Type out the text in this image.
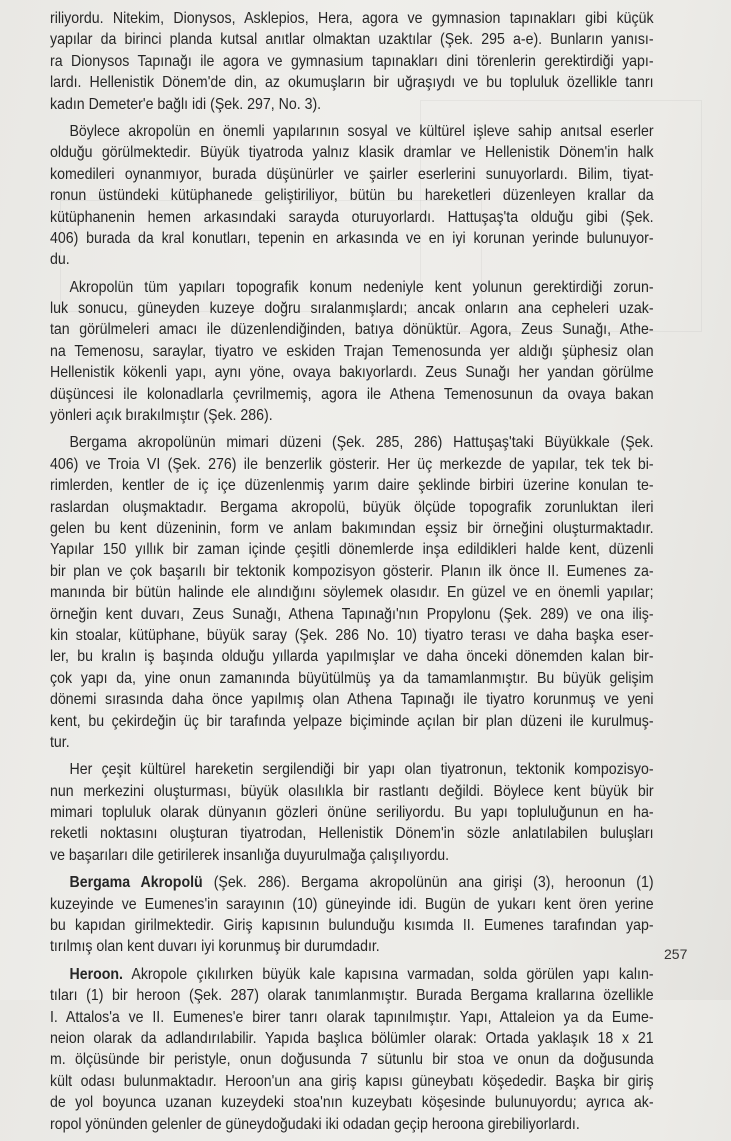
riliyordu. Nitekim, Dionysos, Asklepios, Hera, agora ve gymnasion tapınakları gibi küçük
yapılar da birinci planda kutsal anıtlar olmaktan uzaktılar (Şek. 295 a-e). Bunların yanısı-
ra Dionysos Tapınağı ile agora ve gymnasium tapınakları dini törenlerin gerektirdiği yapı-
lardı. Hellenistik Dönem'de din, az okumuşların bir uğraşıydı ve bu topluluk özellikle tanrı
kadın Demeter'e bağlı idi (Şek. 297, No. 3).
Böylece akropolün en önemli yapılarının sosyal ve kültürel işleve sahip anıtsal eserler
olduğu görülmektedir. Büyük tiyatroda yalnız klasik dramlar ve Hellenistik Dönem'in halk
komedileri oynanmıyor, burada düşünürler ve şairler eserlerini sunuyorlardı. Bilim, tiyat-
ronun üstündeki kütüphanede geliştiriliyor, bütün bu hareketleri düzenleyen krallar da
kütüphanenin hemen arkasındaki sarayda oturuyorlardı. Hattuşaş'ta olduğu gibi (Şek.
406) burada da kral konutları, tepenin en arkasında ve en iyi korunan yerinde bulunuyor-
du.
Akropolün tüm yapıları topografik konum nedeniyle kent yolunun gerektirdiği zorun-
luk sonucu, güneyden kuzeye doğru sıralanmışlardı; ancak onların ana cepheleri uzak-
tan görülmeleri amacı ile düzenlendiğinden, batıya dönüktür. Agora, Zeus Sunağı, Athe-
na Temenosu, saraylar, tiyatro ve eskiden Trajan Temenosunda yer aldığı şüphesiz olan
Hellenistik kökenli yapı, aynı yöne, ovaya bakıyorlardı. Zeus Sunağı her yandan görülme
düşüncesi ile kolonadlarla çevrilmemiş, agora ile Athena Temenosunun da ovaya bakan
yönleri açık bırakılmıştır (Şek. 286).
Bergama akropolünün mimari düzeni (Şek. 285, 286) Hattuşaş'taki Büyükkale (Şek.
406) ve Troia VI (Şek. 276) ile benzerlik gösterir. Her üç merkezde de yapılar, tek tek bi-
rimlerden, kentler de iç içe düzenlenmiş yarım daire şeklinde birbiri üzerine konulan te-
raslardan oluşmaktadır. Bergama akropolü, büyük ölçüde topografik zorunluktan ileri
gelen bu kent düzeninin, form ve anlam bakımından eşsiz bir örneğini oluşturmaktadır.
Yapılar 150 yıllık bir zaman içinde çeşitli dönemlerde inşa edildikleri halde kent, düzenli
bir plan ve çok başarılı bir tektonik kompozisyon gösterir. Planın ilk önce II. Eumenes za-
manında bir bütün halinde ele alındığını söylemek olasıdır. En güzel ve en önemli yapılar;
örneğin kent duvarı, Zeus Sunağı, Athena Tapınağı'nın Propylonu (Şek. 289) ve ona iliş-
kin stoalar, kütüphane, büyük saray (Şek. 286 No. 10) tiyatro terası ve daha başka eser-
ler, bu kralın iş başında olduğu yıllarda yapılmışlar ve daha önceki dönemden kalan bir-
çok yapı da, yine onun zamanında büyütülmüş ya da tamamlanmıştır. Bu büyük gelişim
dönemi sırasında daha önce yapılmış olan Athena Tapınağı ile tiyatro korunmuş ve yeni
kent, bu çekirdeğin üç bir tarafında yelpaze biçiminde açılan bir plan düzeni ile kurulmuş-
tur.
Her çeşit kültürel hareketin sergilendiği bir yapı olan tiyatronun, tektonik kompozisyo-
nun merkezini oluşturması, büyük olasılıkla bir rastlantı değildi. Böylece kent büyük bir
mimari topluluk olarak dünyanın gözleri önüne seriliyordu. Bu yapı topluluğunun en ha-
reketli noktasını oluşturan tiyatrodan, Hellenistik Dönem'in sözle anlatılabilen buluşları
ve başarıları dile getirilerek insanlığa duyurulmağa çalışılıyordu.
Bergama Akropolü (Şek. 286). Bergama akropolünün ana girişi (3), heroonun (1)
kuzeyinde ve Eumenes'in sarayının (10) güneyinde idi. Bugün de yukarı kent ören yerine
bu kapıdan girilmektedir. Giriş kapısının bulunduğu kısımda II. Eumenes tarafından yap-
tırılmış olan kent duvarı iyi korunmuş bir durumdadır.
Heroon. Akropole çıkılırken büyük kale kapısına varmadan, solda görülen yapı kalın-
tıları (1) bir heroon (Şek. 287) olarak tanımlanmıştır. Burada Bergama krallarına özellikle
I. Attalos'a ve II. Eumenes'e birer tanrı olarak tapınılmıştır. Yapı, Attaleion ya da Eume-
neion olarak da adlandırılabilir. Yapıda başlıca bölümler olarak: Ortada yaklaşık 18 x 21
m. ölçüsünde bir peristyle, onun doğusunda 7 sütunlu bir stoa ve onun da doğusunda
kült odası bulunmaktadır. Heroon'un ana giriş kapısı güneybatı köşededir. Başka bir giriş
de yol boyunca uzanan kuzeydeki stoa'nın kuzeybatı köşesinde bulunuyordu; ayrıca ak-
ropol yönünden gelenler de güneydoğudaki iki odadan geçip heroona girebiliyorlardı.
257
